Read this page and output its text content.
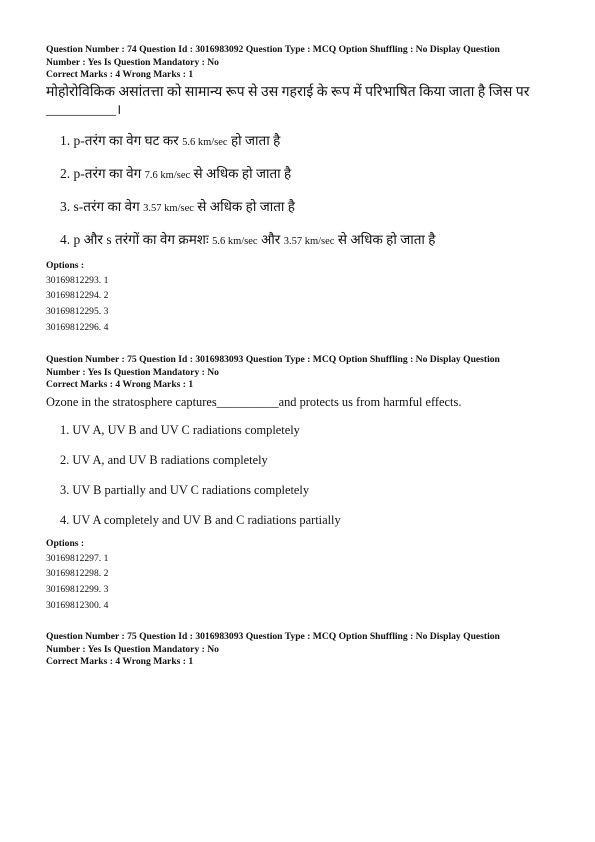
Question Number : 74 Question Id : 3016983092 Question Type : MCQ Option Shuffling : No Display Question

Number : Yes Is Question Mandatory : No

Correct Marks : 4 Wrong Marks : 1

मोहोरोविकिक असांतत्ता को सामान्य रूप से उस गहराई के रूप में परिभाषित किया जाता है जिस पर

__________।

1. p-तरंग का वेग घट कर 5.6 km/sec हो जाता है
2. p-तरंग का वेग 7.6 km/sec से अधिक हो जाता है
3. s-तरंग का वेग 3.57 km/sec से अधिक हो जाता है
4. p और s तरंगों का वेग क्रमशः 5.6 km/sec और 3.57 km/sec से अधिक हो जाता है

Options :

30169812293. 1

30169812294. 2

30169812295. 3

30169812296. 4

Question Number : 75 Question Id : 3016983093 Question Type : MCQ Option Shuffling : No Display Question

Number : Yes Is Question Mandatory : No

Correct Marks : 4 Wrong Marks : 1

Ozone in the stratosphere captures__________and protects us from harmful effects.

1. UV A, UV B and UV C radiations completely
2. UV A, and UV B radiations completely
3. UV B partially and UV C radiations completely
4. UV A completely and UV B and C radiations partially

Options :

30169812297. 1

30169812298. 2

30169812299. 3

30169812300. 4

Question Number : 75 Question Id : 3016983093 Question Type : MCQ Option Shuffling : No Display Question

Number : Yes Is Question Mandatory : No

Correct Marks : 4 Wrong Marks : 1
